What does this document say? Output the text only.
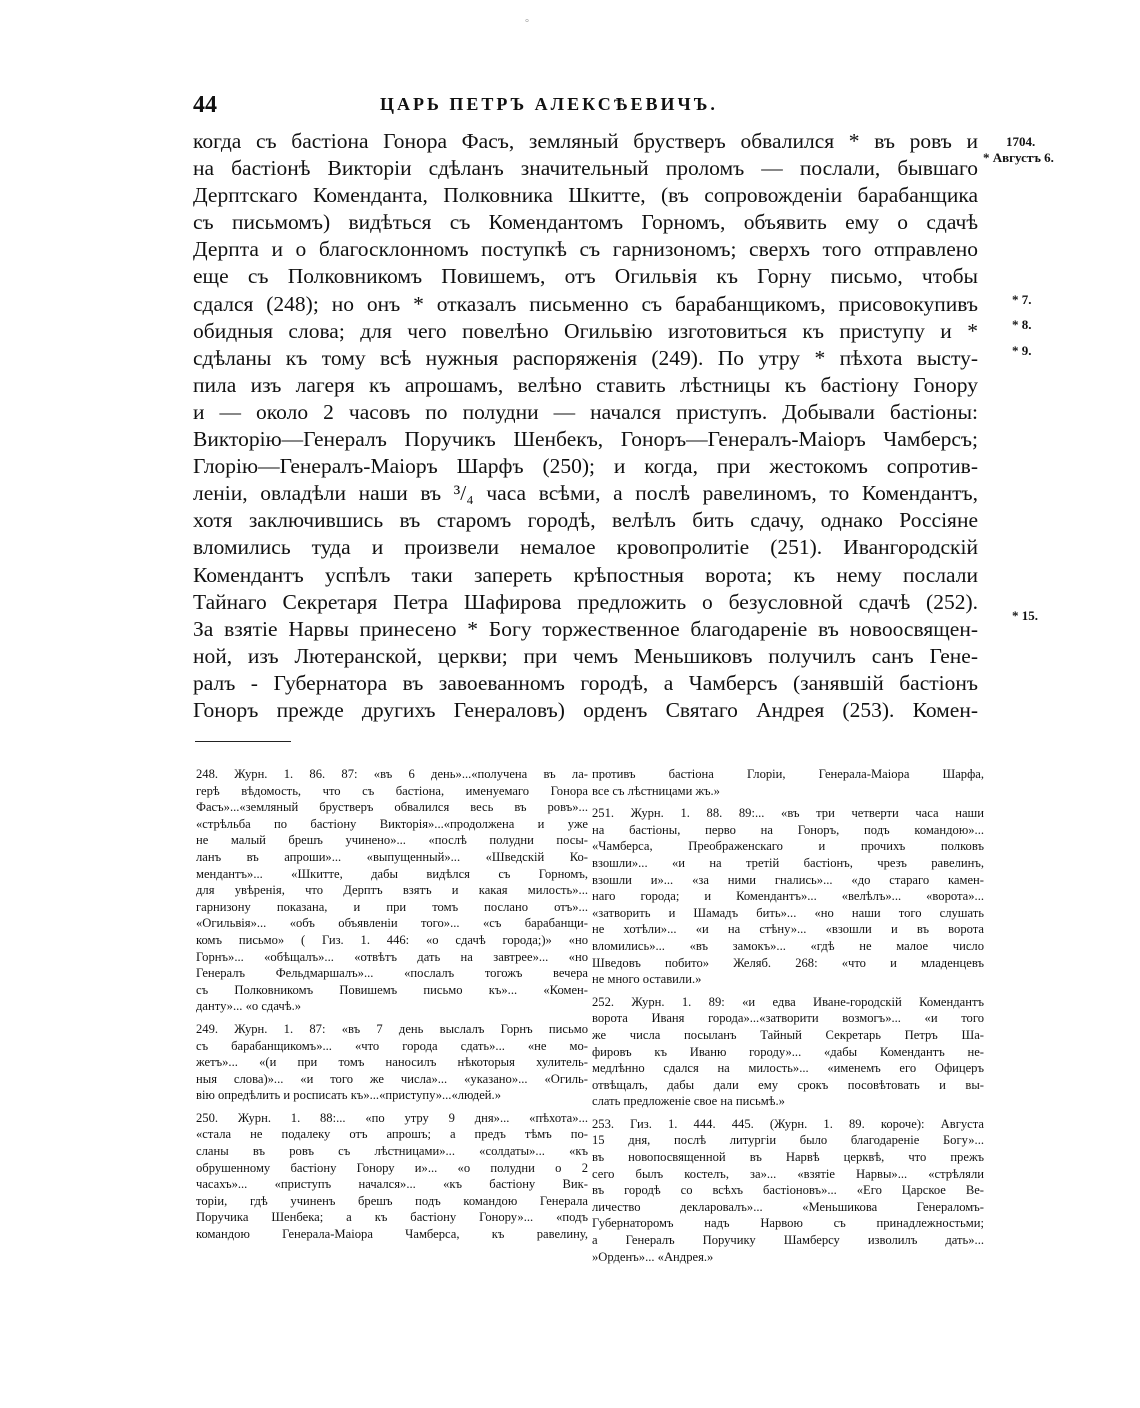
°
44	ЦАРЬ ПЕТРЪ АЛЕКСѢЕВИЧЪ.
когда съ бастіона Гонора Фасъ, земляный брустверъ обвалился * въ ровъ и
на бастіонѣ Викторіи сдѣланъ значительный проломъ — послали, бывшаго
Дерптскаго Коменданта, Полковника Шкитте, (въ сопровожденіи барабанщика
съ письмомъ) видѣться съ Комендантомъ Горномъ, объявить ему о сдачѣ
Дерпта и о благосклонномъ поступкѣ съ гарнизономъ; сверхъ того отправлено
еще съ Полковникомъ Повишемъ, отъ Огильвія къ Горну письмо, чтобы
сдался (248); но онъ * отказалъ письменно съ барабанщикомъ, присовокупивъ
обидныя слова; для чего повелѣно Огильвію изготовиться къ приступу и *
сдѣланы къ тому всѣ нужныя распоряженія (249). По утру * пѣхота высту-
пила изъ лагеря къ апрошамъ, велѣно ставить лѣстницы къ бастіону Гонору
и — около 2 часовъ по полудни — начался приступъ. Добывали бастіоны:
Викторію—Генералъ Поручикъ Шенбекъ, Гоноръ—Генералъ-Маіоръ Чамберсъ;
Глорію—Генералъ-Маіоръ Шарфъ (250); и когда, при жестокомъ сопротив-
леніи, овладѣли наши въ ³/₄ часа всѣми, а послѣ равелиномъ, то Комендантъ,
хотя заключившись въ старомъ городѣ, велѣлъ бить сдачу, однако Россіяне
вломились туда и произвели немалое кровопролитіе (251). Ивангородскій
Комендантъ успѣлъ таки запереть крѣпостныя ворота; къ нему послали
Тайнаго Секретаря Петра Шафирова предложить о безусловной сдачѣ (252).
За взятіе Нарвы принесено * Богу торжественное благодареніе въ новоосвящен-
ной, изъ Лютеранской, церкви; при чемъ Меньшиковъ получилъ санъ Гене-
ралъ - Губернатора въ завоеванномъ городѣ, а Чамберсъ (занявшій бастіонъ
Гоноръ прежде другихъ Генераловъ) орденъ Святаго Андрея (253). Комен-
1704.
* Августъ 6.
* 7.
* 8.
* 9.
* 15.
248. Журн. 1. 86. 87: «въ 6 день»...«получена въ ла-
герѣ вѣдомость, что съ бастіона, именуемаго Гонора
Фасъ»...«земляный брустверъ обвалился весь въ ровъ»...
«стрѣльба по бастіону Викторія»...«продолжена и уже
не малый брешъ учинено»... «послѣ полудни посы-
ланъ въ апроши»... «выпущенный»... «Шведскій Ко-
мендантъ»... «Шкитте, дабы видѣлся съ Горномъ,
для увѣренія, что Дерптъ взятъ и какая милость»...
гарнизону показана, и при томъ послано отъ»...
«Огильвія»... «объ объявленіи того»... «съ барабанщи-
комъ письмо» ( Гиз. 1. 446: «о сдачѣ города;)» «но
Горнъ»... «обѣщалъ»... «отвѣтъ дать на завтрее»... «но
Генералъ Фельдмаршалъ»... «послалъ тогожъ вечера
съ Полковникомъ Повишемъ письмо къ»... «Комен-
данту»... «о сдачѣ.»
249. Журн. 1. 87: «въ 7 день выслалъ Горнъ письмо
съ барабанщикомъ»... «что города сдать»... «не мо-
жетъ»... «(и при томъ наносилъ нѣкоторыя хулитель-
ныя слова)»... «и того же числа»... «указано»... «Огиль-
вію опредѣлить и росписать къ»...«приступу»...«людей.»
250. Журн. 1. 88:... «по утру 9 дня»... «пѣхота»...
«стала не подалеку отъ апрошъ; а предъ тѣмъ по-
сланы въ ровъ съ лѣстницами»... «солдаты»... «къ
обрушенному бастіону Гонору и»... «о полудни о 2
часахъ»... «приступъ начался»... «къ бастіону Вик-
торіи, гдѣ учиненъ брешъ подъ командою Генерала
Поручика Шенбека; а къ бастіону Гонору»... «подъ
командою Генерала-Маіора Чамберса, къ равелину,
противъ бастіона Глоріи, Генерала-Маіора Шарфа,
все съ лѣстницами жъ.»
251. Журн. 1. 88. 89:... «въ три четверти часа наши
на бастіоны, перво на Гоноръ, подъ командою»...
«Чамберса, Преображенскаго и прочихъ полковъ
взошли»... «и на третій бастіонъ, чрезъ равелинъ,
взошли и»... «за ними гнались»... «до стараго камен-
наго города; и Комендантъ»... «велѣлъ»... «ворота»...
«затворить и Шамадъ бить»... «но наши того слушать
не хотѣли»... «и на стѣну»... «взошли и въ ворота
вломились»... «въ замокъ»... «гдѣ не малое число
Шведовъ побито» Желяб. 268: «что и младенцевъ
не много оставили.»
252. Журн. 1. 89: «и едва Иване-городскій Комендантъ
ворота Иваня города»...«затворити возмогъ»... «и того
же числа посыланъ Тайный Секретарь Петръ Ша-
фировъ къ Иваню городу»... «дабы Комендантъ не-
медлѣнно сдался на милость»... «именемъ его Офицеръ
отвѣщалъ, дабы дали ему срокъ посовѣтовать и вы-
слать предложеніе свое на письмѣ.»
253. Гиз. 1. 444. 445. (Журн. 1. 89. короче): Августа
15 дня, послѣ литургіи было благодареніе Богу»...
въ новопосвященной въ Нарвѣ церквѣ, что прежъ
сего былъ костелъ, за»... «взятіе Нарвы»... «стрѣляли
въ городѣ со всѣхъ бастіоновъ»... «Его Царское Ве-
личество декларовалъ»... «Меньшикова Генераломъ-
Губернаторомъ надъ Нарвою съ принадлежностьми;
а Генералъ Поручику Шамберсу изволилъ дать»...
»Орденъ»... «Андрея.»
